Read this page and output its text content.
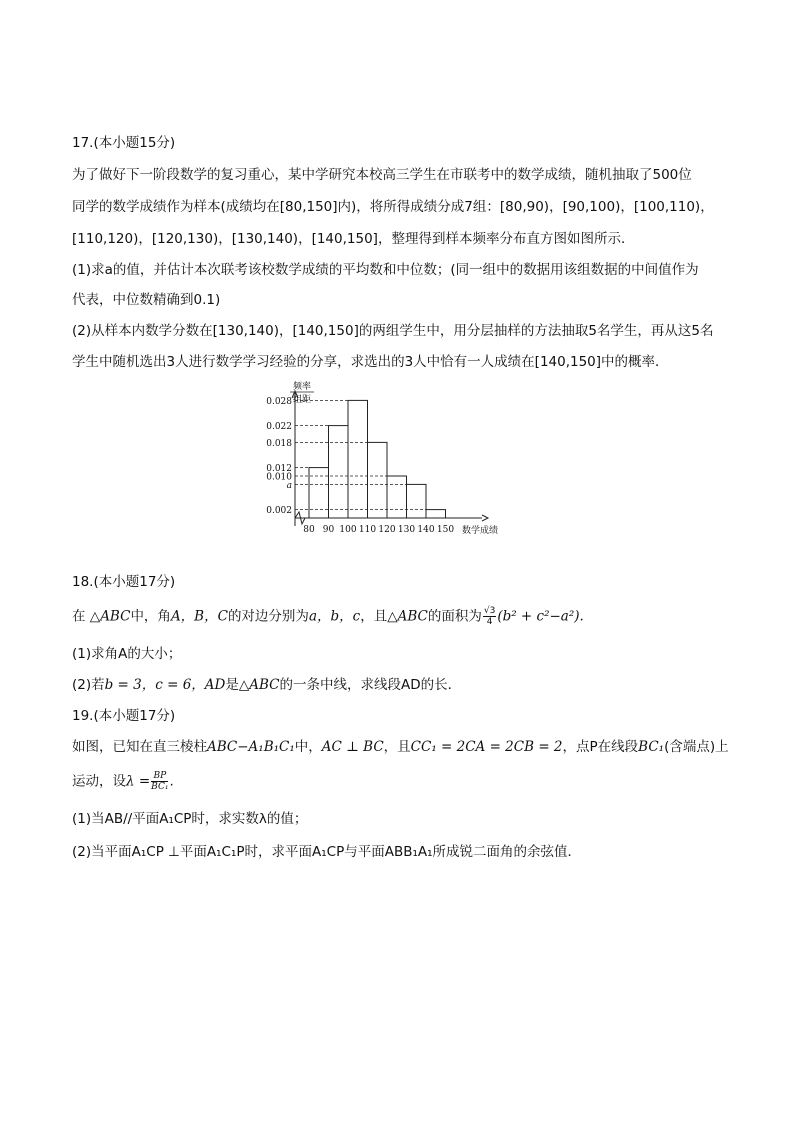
17.(本小题15分)
为了做好下一阶段数学的复习重心，某中学研究本校高三学生在市联考中的数学成绩，随机抽取了500位
同学的数学成绩作为样本(成绩均在[80,150]内)，将所得成绩分成7组：[80,90)，[90,100)，[100,110)，
[110,120)，[120,130)，[130,140)，[140,150]，整理得到样本频率分布直方图如图所示．
(1)求a的值，并估计本次联考该校数学成绩的平均数和中位数；(同一组中的数据用该组数据的中间值作为
代表，中位数精确到0.1)
(2)从样本内数学分数在[130,140)，[140,150]的两组学生中，用分层抽样的方法抽取5名学生，再从这5名
学生中随机选出3人进行数学学习经验的分享，求选出的3人中恰有一人成绩在[140,150]中的概率．
0.028
0.022
0.018
0.012
0.010
a
0.002
80 90 100 110 120 130 140 150 数学成绩
频率
组距
18.(本小题17分)
在 △ABC中，角A，B，C的对边分别为a，b，c，且△ABC的面积为 $\frac{√3}{4} (b^2 + c^2-a^2)$.
(1)求角A的大小；
(2)若b = 3，c = 6，AD是△ABC的一条中线，求线段AD的长．
19.(本小题17分)
如图，已知在直三棱柱ABC−A₁B₁C₁中，AC ⊥ BC，且CC₁ = 2CA = 2CB = 2，点P在线段BC₁(含端点)上
运动，设$\lambda = \frac{BP}{\text{BC₁}}$ .
(1)当AB//平面A₁CP时，求实数λ的值；
(2)当平面A₁CP ⊥平面A₁C₁P时，求平面A₁CP与平面ABB₁A₁所成锐二面角的余弦值．
